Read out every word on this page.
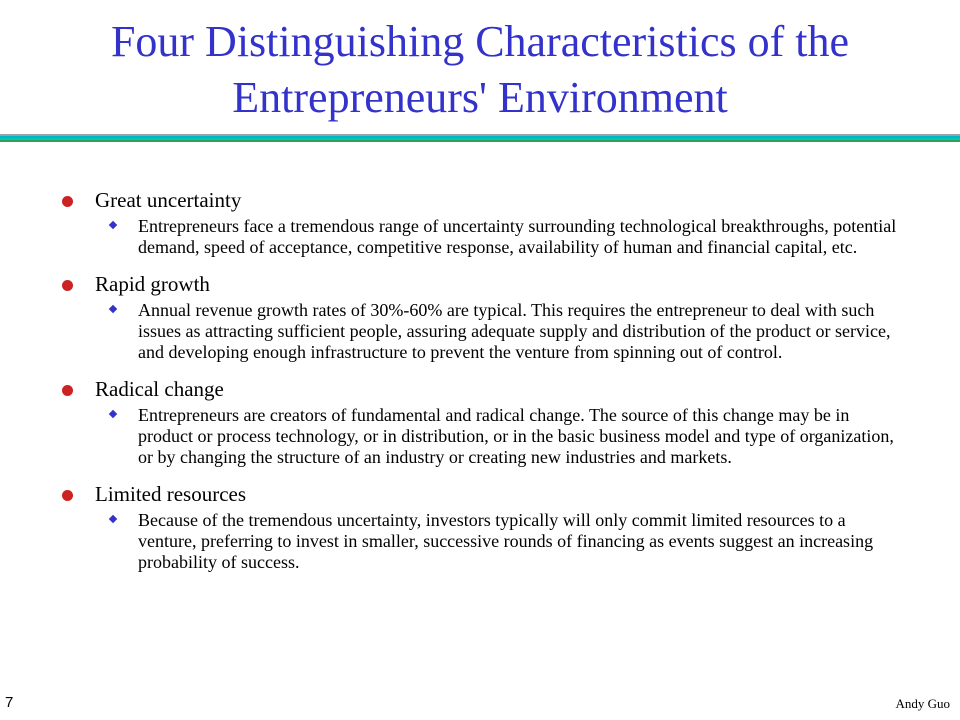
Four Distinguishing Characteristics of the
Entrepreneurs' Environment
Great uncertainty
Entrepreneurs face a tremendous range of uncertainty surrounding technological breakthroughs, potential demand, speed of acceptance, competitive response, availability of human and financial capital, etc.
Rapid growth
Annual revenue growth rates of 30%-60% are typical. This requires the entrepreneur to deal with such issues as attracting sufficient people, assuring adequate supply and distribution of the product or service, and developing enough infrastructure to prevent the venture from spinning out of control.
Radical change
Entrepreneurs are creators of fundamental and radical change. The source of this change may be in product or process technology, or in distribution, or in the basic business model and type of organization, or by changing the structure of an industry or creating new industries and markets.
Limited resources
Because of the tremendous uncertainty, investors typically will only commit limited resources to a venture, preferring to invest in smaller, successive rounds of financing as events suggest an increasing probability of success.
7	Andy Guo
